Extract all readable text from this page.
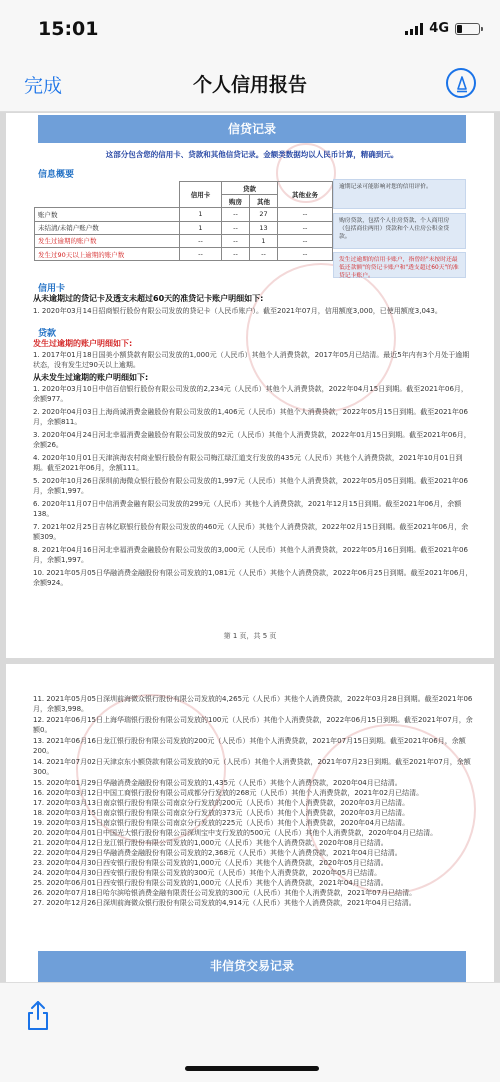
15:01	4G
完成	个人信用报告
信贷记录
这部分包含您的信用卡、贷款和其他信贷记录。金额类数据均以人民币计算，精确到元。
信息概要
	信用卡	贷款		其他业务
		购房	其他	
账户数	1	--	27	--
未结清/未销户账户数	1	--	13	--
发生过逾期的账户数	--	--	1	--
发生过90天以上逾期的账户数	--	--	--	--
逾期记录可能影响对您的信用评价。
购房贷款，包括个人住房贷款、个人商用房（包括商住两用）贷款和个人住房公积金贷款。
发生过逾期的信用卡账户，指曾经"未按时还最低还款额"的贷记卡账户和"透支超过60天"的准贷记卡账户。
信用卡
从未逾期过的贷记卡及透支未超过60天的准贷记卡账户明细如下:
1. 2020年03月14日招商银行股份有限公司发放的贷记卡（人民币账户）。截至2021年07月，信用额度3,000，已使用额度3,043。
贷款
发生过逾期的账户明细如下:
1. 2017年01月18日国美小额贷款有限公司发放的1,000元（人民币）其他个人消费贷款，2017年05月已结清。最近5年内有3个月处于逾期状态，没有发生过90天以上逾期。
从未发生过逾期的账户明细如下:
1. 2020年03月10日中信百信银行股份有限公司发放的2,234元（人民币）其他个人消费贷款，2022年04月15日到期。截至2021年06月，余额977。
2. 2020年04月03日上海尚诚消费金融股份有限公司发放的1,406元（人民币）其他个人消费贷款，2022年05月15日到期。截至2021年06月，余额811。
3. 2020年04月24日河北幸福消费金融股份有限公司发放的92元（人民币）其他个人消费贷款，2022年01月15日到期。截至2021年06月，余额26。
4. 2020年10月01日天津滨海农村商业银行股份有限公司梅江绿江道支行发放的435元（人民币）其他个人消费贷款，2021年10月01日到期。截至2021年06月，余额111。
5. 2020年10月26日深圳前海微众银行股份有限公司发放的1,997元（人民币）其他个人消费贷款，2022年05月05日到期。截至2021年06月，余额1,997。
6. 2020年11月07日中信消费金融有限公司发放的299元（人民币）其他个人消费贷款，2021年12月15日到期。截至2021年06月，余额138。
7. 2021年02月25日吉林亿联银行股份有限公司发放的460元（人民币）其他个人消费贷款，2022年02月15日到期。截至2021年06月，余额309。
8. 2021年04月16日河北幸福消费金融股份有限公司发放的3,000元（人民币）其他个人消费贷款，2022年05月16日到期。截至2021年06月，余额1,997。
10. 2021年05月05日华融消费金融股份有限公司发放的1,081元（人民币）其他个人消费贷款，2022年06月25日到期。截至2021年06月，余额924。
第 1 页，共 5 页
11. 2021年05月05日深圳前海微众银行股份有限公司发放的4,265元（人民币）其他个人消费贷款，2022年03月28日到期。截至2021年06月，余额3,998。
12. 2021年06月15日上海华瑞银行股份有限公司发放的100元（人民币）其他个人消费贷款，2022年06月15日到期。截至2021年07月，余额0。
13. 2021年06月16日龙江银行股份有限公司发放的200元（人民币）其他个人消费贷款，2021年07月15日到期。截至2021年06月，余额200。
14. 2021年07月02日天津京东小额贷款有限公司发放的0元（人民币）其他个人消费贷款，2021年07月23日到期。截至2021年07月，余额300。
15. 2020年01月29日华融消费金融股份有限公司发放的1,435元（人民币）其他个人消费贷款，2020年04月已结清。
16. 2020年03月12日中国工商银行股份有限公司成都分行发放的268元（人民币）其他个人消费贷款，2021年02月已结清。
17. 2020年03月13日南京银行股份有限公司南京分行发放的200元（人民币）其他个人消费贷款，2020年03月已结清。
18. 2020年03月15日南京银行股份有限公司南京分行发放的373元（人民币）其他个人消费贷款，2020年03月已结清。
19. 2020年03月15日南京银行股份有限公司南京分行发放的225元（人民币）其他个人消费贷款，2020年04月已结清。
20. 2020年04月01日中国光大银行股份有限公司深圳宝中支行发放的500元（人民币）其他个人消费贷款，2020年04月已结清。
21. 2020年04月12日龙江银行股份有限公司发放的1,000元（人民币）其他个人消费贷款，2020年08月已结清。
22. 2020年04月29日华融消费金融股份有限公司发放的2,368元（人民币）其他个人消费贷款，2021年04月已结清。
23. 2020年04月30日西安银行股份有限公司发放的1,000元（人民币）其他个人消费贷款，2020年05月已结清。
24. 2020年04月30日西安银行股份有限公司发放的300元（人民币）其他个人消费贷款，2020年05月已结清。
25. 2020年06月01日西安银行股份有限公司发放的1,000元（人民币）其他个人消费贷款，2021年04月已结清。
26. 2020年07月18日哈尔滨哈银消费金融有限责任公司发放的300元（人民币）其他个人消费贷款，2021年07月已结清。
27. 2020年12月26日深圳前海微众银行股份有限公司发放的4,914元（人民币）其他个人消费贷款，2021年04月已结清。
非信贷交易记录
